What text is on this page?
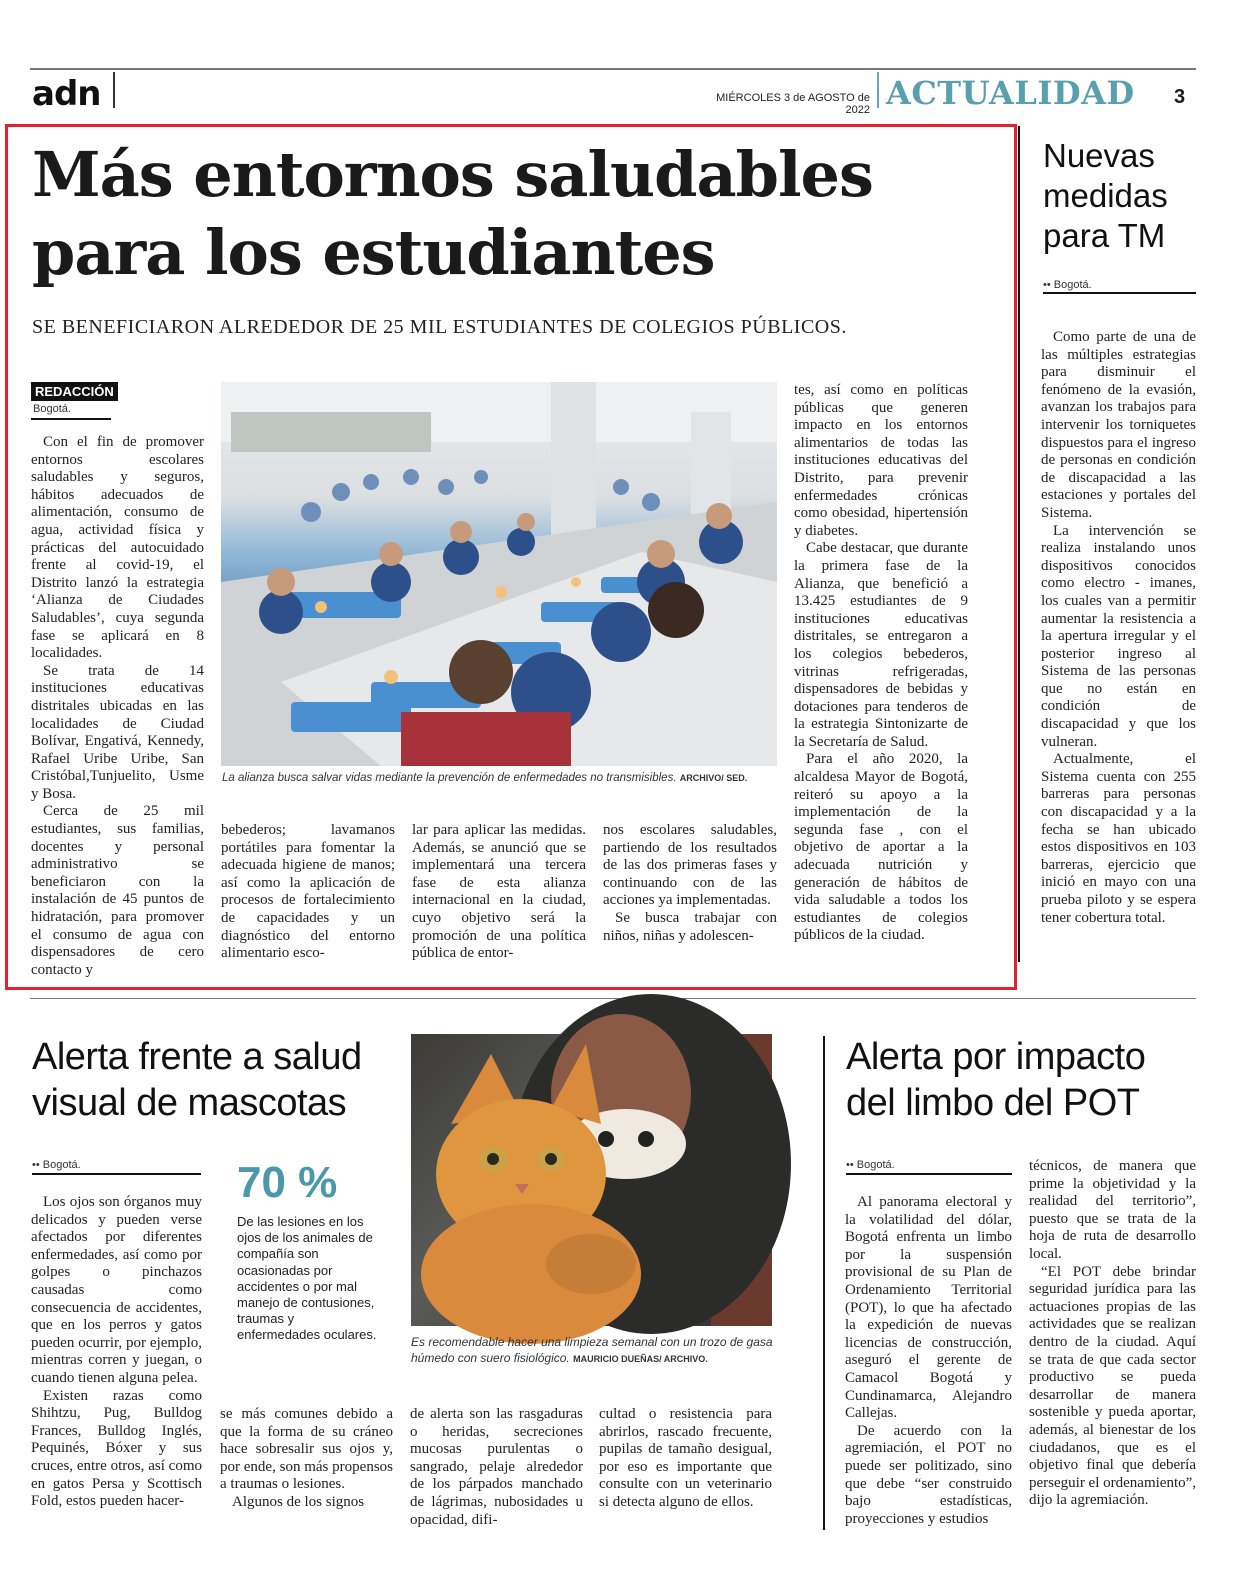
adn	MIÉRCOLES 3 de AGOSTO de 2022 ACTUALIDAD 3
Más entornos saludables
para los estudiantes
SE BENEFICIARON ALREDEDOR DE 25 MIL ESTUDIANTES DE COLEGIOS PÚBLICOS.
REDACCIÓN
Bogotá.

Con el fin de promover entornos escolares saludables y seguros, hábitos adecuados de alimentación, consumo de agua, actividad física y prácticas del autocuidado frente al covid-19, el Distrito lanzó la estrategia ‘Alianza de Ciudades Saludables’, cuya segunda fase se aplicará en 8 localidades.

Se trata de 14 instituciones educativas distritales ubicadas en las localidades de Ciudad Bolívar, Engativá, Kennedy, Rafael Uribe Uribe, San Cristóbal,Tunjuelito, Usme y Bosa.

Cerca de 25 mil estudiantes, sus familias, docentes y personal administrativo se beneficiaron con la instalación de 45 puntos de hidratación, para promover el consumo de agua con dispensadores de cero contacto y

La alianza busca salvar vidas mediante la prevención de enfermedades no transmisibles. ARCHIVO/ SED.

bebederos; lavamanos portátiles para fomentar la adecuada higiene de manos; así como la aplicación de procesos de fortalecimiento de capacidades y un diagnóstico del entorno alimentario esco-

lar para aplicar las medidas. Además, se anunció que se implementará una tercera fase de esta alianza internacional en la ciudad, cuyo objetivo será la promoción de una política pública de entor-

nos escolares saludables, partiendo de los resultados de las dos primeras fases y continuando con de las acciones ya implementadas.

Se busca trabajar con niños, niñas y adolescen-

tes, así como en políticas públicas que generen impacto en los entornos alimentarios de todas las instituciones educativas del Distrito, para prevenir enfermedades crónicas como obesidad, hipertensión y diabetes.

Cabe destacar, que durante la primera fase de la Alianza, que benefició a 13.425 estudiantes de 9 instituciones educativas distritales, se entregaron a los colegios bebederos, vitrinas refrigeradas, dispensadores de bebidas y dotaciones para tenderos de la estrategia Sintonizarte de la Secretaría de Salud.

Para el año 2020, la alcaldesa Mayor de Bogotá, reiteró su apoyo a la implementación de la segunda fase , con el objetivo de aportar a la adecuada nutrición y generación de hábitos de vida saludable a todos los estudiantes de colegios públicos de la ciudad.

Nuevas medidas para TM
•• Bogotá.

Como parte de una de las múltiples estrategias para disminuir el fenómeno de la evasión, avanzan los trabajos para intervenir los torniquetes dispuestos para el ingreso de personas en condición de discapacidad a las estaciones y portales del Sistema.

La intervención se realiza instalando unos dispositivos conocidos como electro - imanes, los cuales van a permitir aumentar la resistencia a la apertura irregular y el posterior ingreso al Sistema de las personas que no están en condición de discapacidad y que los vulneran.

Actualmente, el Sistema cuenta con 255 barreras para personas con discapacidad y a la fecha se han ubicado estos dispositivos en 103 barreras, ejercicio que inició en mayo con una prueba piloto y se espera tener cobertura total.

Alerta frente a salud visual de mascotas
•• Bogotá.

Los ojos son órganos muy delicados y pueden verse afectados por diferentes enfermedades, así como por golpes o pinchazos causadas como consecuencia de accidentes, que en los perros y gatos pueden ocurrir, por ejemplo, mientras corren y juegan, o cuando tienen alguna pelea.

Existen razas como Shihtzu, Pug, Bulldog Frances, Bulldog Inglés, Pequinés, Bóxer y sus cruces, entre otros, así como en gatos Persa y Scottisch Fold, estos pueden hacer-

70 %
De las lesiones en los ojos de los animales de compañía son ocasionadas por accidentes o por mal manejo de contusiones, traumas y enfermedades oculares.

se más comunes debido a que la forma de su cráneo hace sobresalir sus ojos y, por ende, son más propensos a traumas o lesiones.

Algunos de los signos

de alerta son las rasgaduras o heridas, secreciones mucosas purulentas o sangrado, pelaje alrededor de los párpados manchado de lágrimas, nubosidades u opacidad, difi-

cultad o resistencia para abrirlos, rascado frecuente, pupilas de tamaño desigual, por eso es importante que consulte con un veterinario si detecta alguno de ellos.

Es recomendable hacer una limpieza semanal con un trozo de gasa húmedo con suero fisiológico. MAURICIO DUEÑAS/ ARCHIVO.
Alerta por impacto del limbo del POT
•• Bogotá.

Al panorama electoral y la volatilidad del dólar, Bogotá enfrenta un limbo por la suspensión provisional de su Plan de Ordenamiento Territorial (POT), lo que ha afectado la expedición de nuevas licencias de construcción, aseguró el gerente de Camacol Bogotá y Cundinamarca, Alejandro Callejas.

De acuerdo con la agremiación, el POT no puede ser politizado, sino que debe “ser construido bajo estadísticas, proyecciones y estudios

técnicos, de manera que prime la objetividad y la realidad del territorio”, puesto que se trata de la hoja de ruta de desarrollo local.

“El POT debe brindar seguridad jurídica para las actuaciones propias de las actividades que se realizan dentro de la ciudad. Aquí se trata de que cada sector productivo se pueda desarrollar de manera sostenible y pueda aportar, además, al bienestar de los ciudadanos, que es el objetivo final que debería perseguir el ordenamiento”, dijo la agremiación.
